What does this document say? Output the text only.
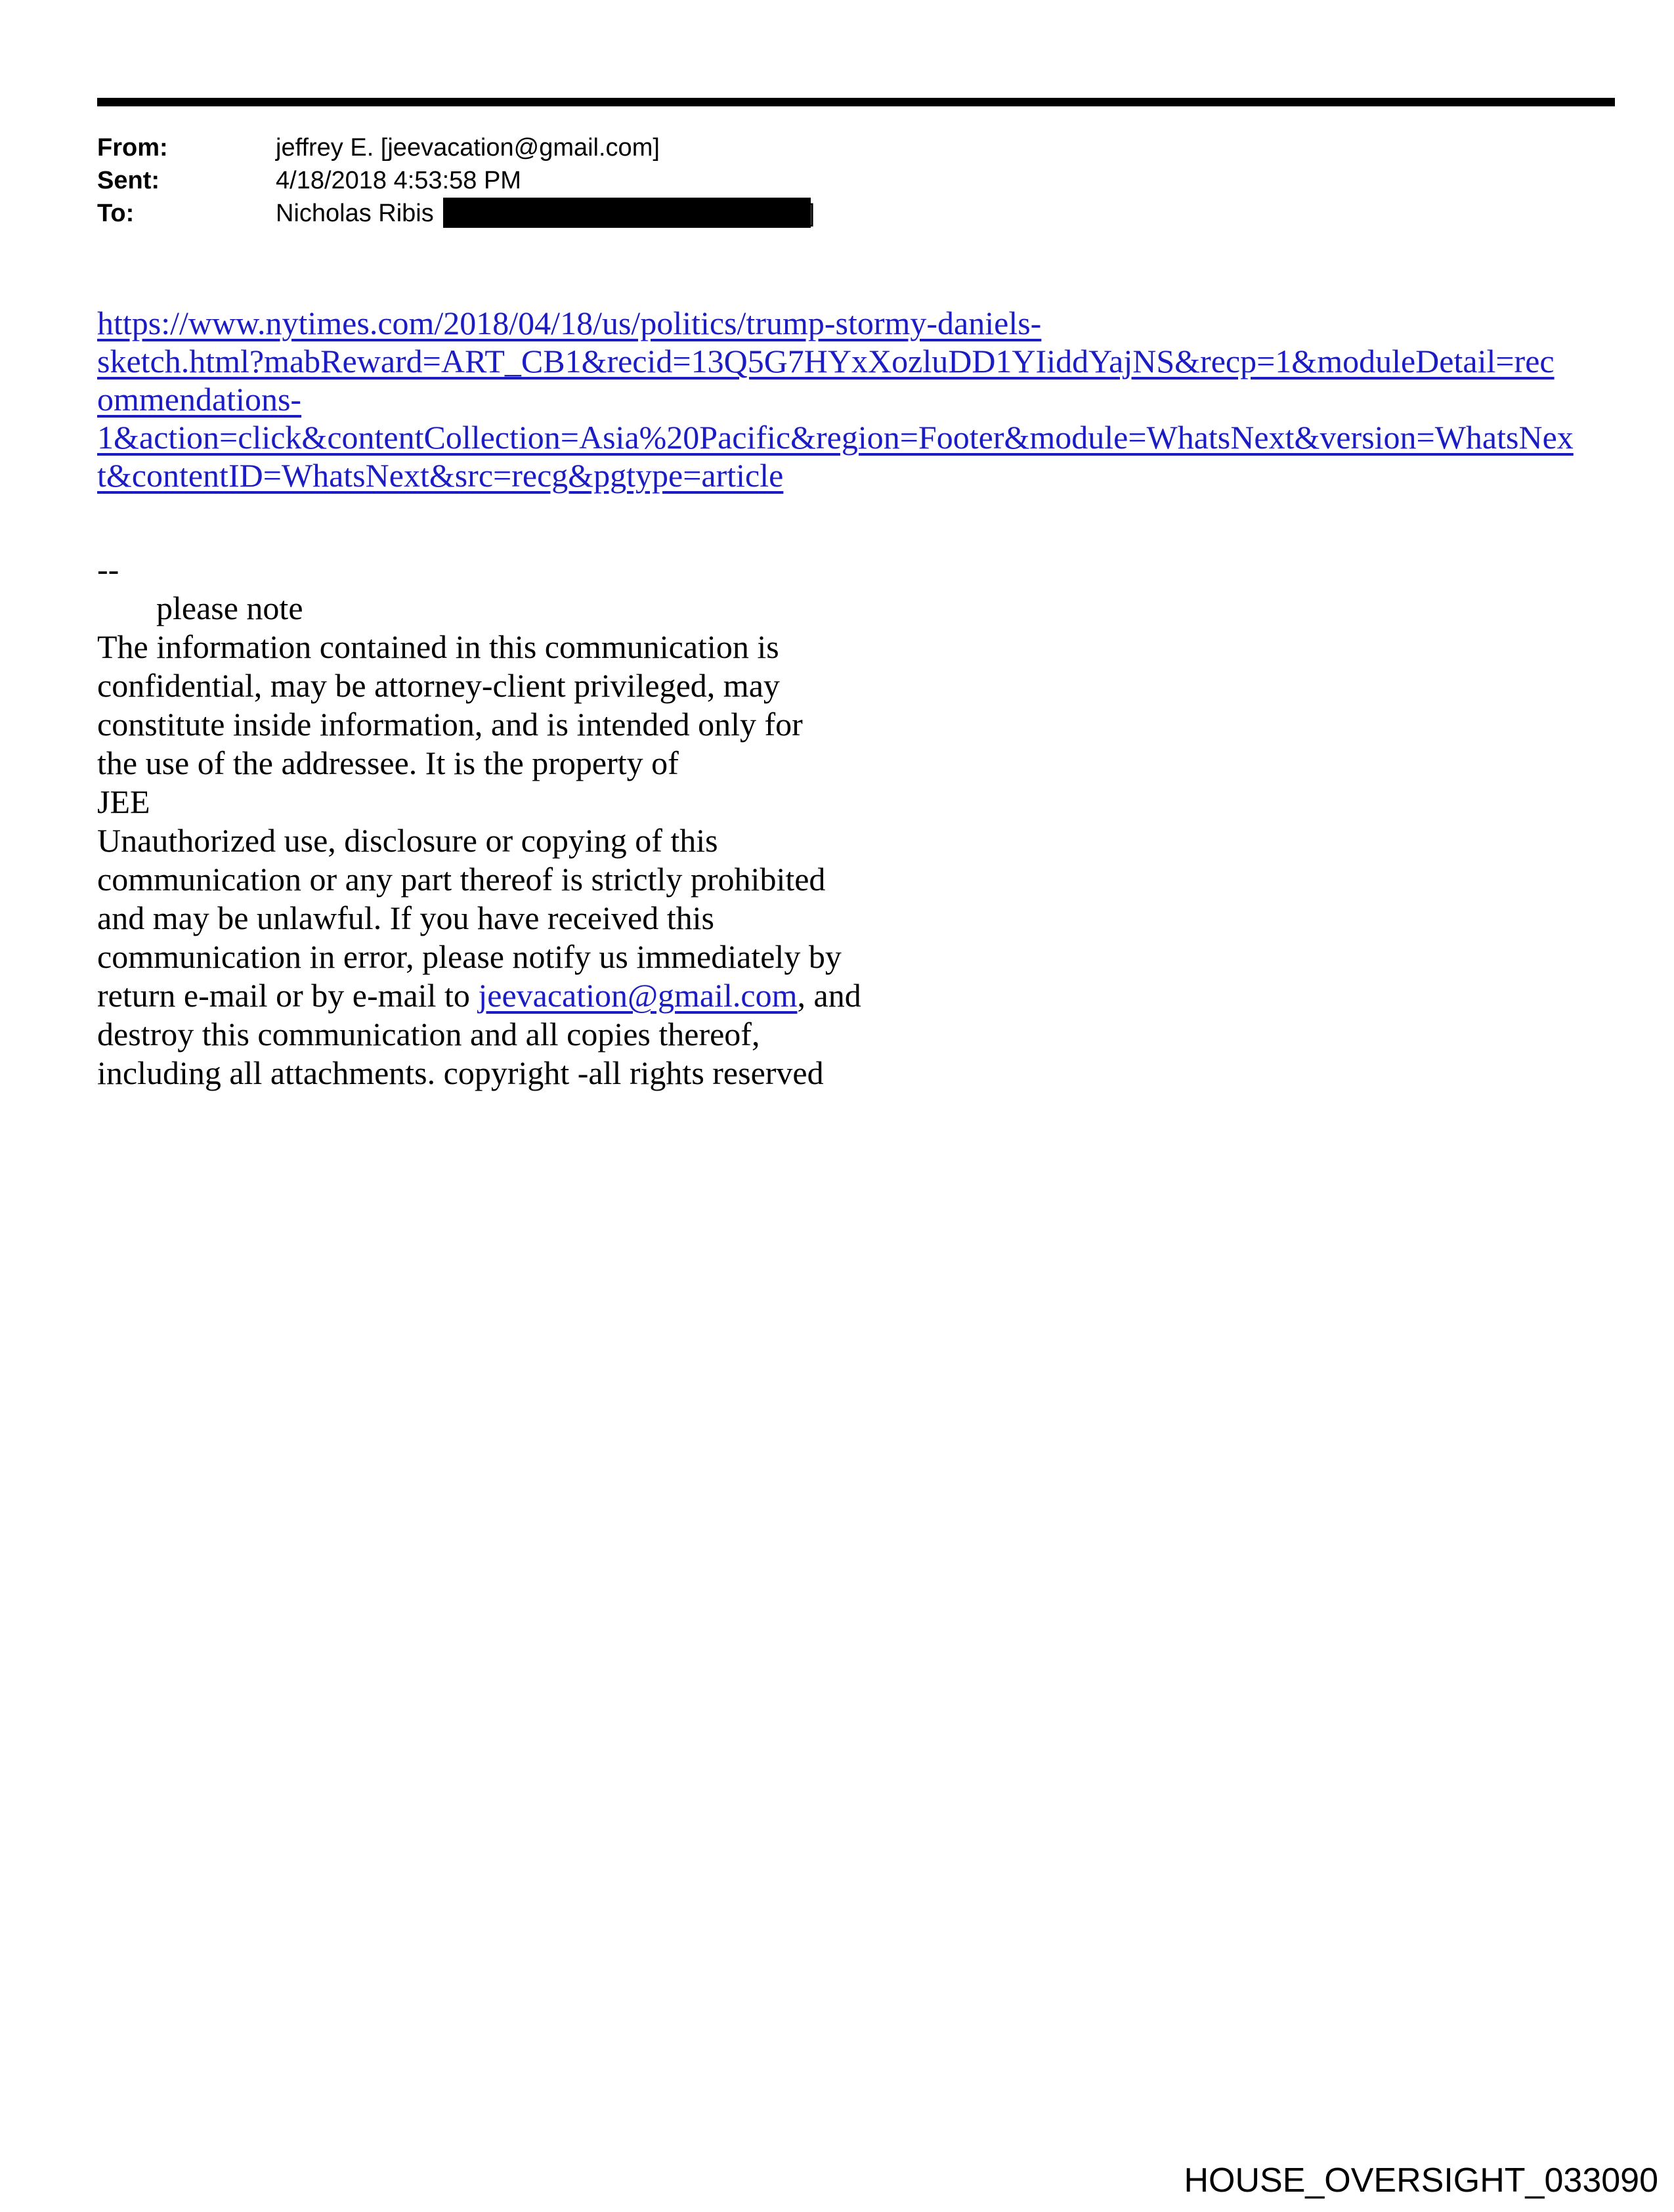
From:	jeffrey E. [jeevacation@gmail.com]
Sent:	4/18/2018 4:53:58 PM
To:	Nicholas Ribis	]
https://www.nytimes.com/2018/04/18/us/politics/trump-stormy-daniels-
sketch.html?mabReward=ART_CB1&recid=13Q5G7HYxXozluDD1YIiddYajNS&recp=1&moduleDetail=rec
ommendations-
1&action=click&contentCollection=Asia%20Pacific&region=Footer&module=WhatsNext&version=WhatsNex
t&contentID=WhatsNext&src=recg&pgtype=article
--
please note
The information contained in this communication is
confidential, may be attorney-client privileged, may
constitute inside information, and is intended only for
the use of the addressee. It is the property of
JEE
Unauthorized use, disclosure or copying of this
communication or any part thereof is strictly prohibited
and may be unlawful. If you have received this
communication in error, please notify us immediately by
return e-mail or by e-mail to jeevacation@gmail.com, and
destroy this communication and all copies thereof,
including all attachments. copyright -all rights reserved
HOUSE_OVERSIGHT_033090
